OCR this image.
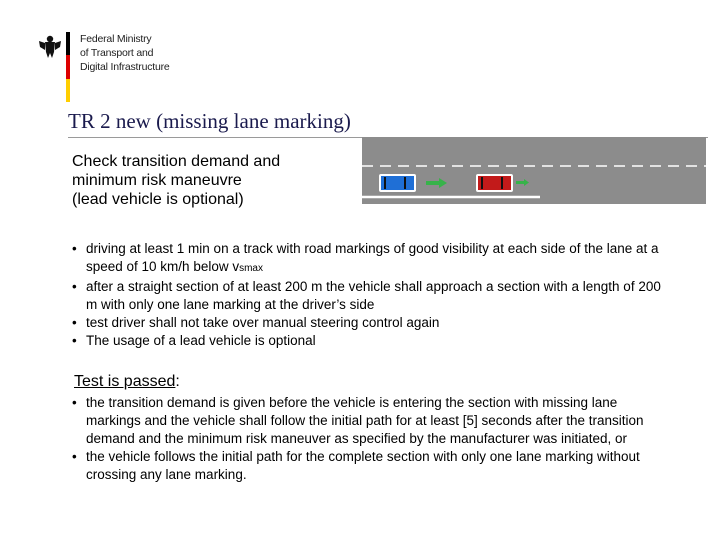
Federal Ministry
of Transport and
Digital Infrastructure
TR 2 new (missing lane marking)
Check transition demand and
minimum risk maneuvre
(lead vehicle is optional)
• driving at least 1 min on a track with road markings of good visibility at each side of the lane at a speed of 10 km/h below vsmax
• after a straight section of at least 200 m the vehicle shall approach a section with a length of 200 m with only one lane marking at the driver’s side
• test driver shall not take over manual steering control again
• The usage of a lead vehicle is optional
Test is passed:
• the transition demand is given before the vehicle is entering the section with missing lane markings and the vehicle shall follow the initial path for at least [5] seconds after the transition demand and the minimum risk maneuver as specified by the manufacturer was initiated, or
• the vehicle follows the initial path for the complete section with only one lane marking without crossing any lane marking.
